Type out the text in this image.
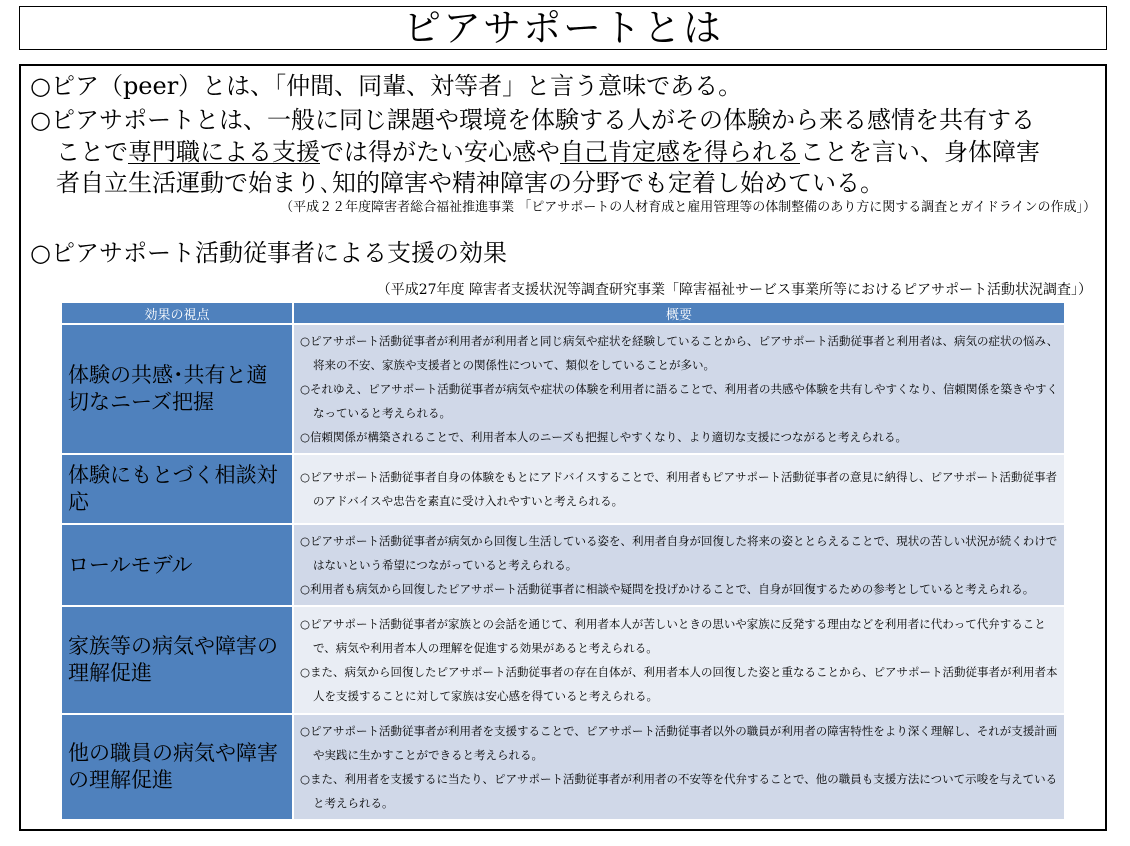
ピアサポートとは
○ピア（peer）とは、「仲間、同輩、対等者」と言う意味である。
○ピアサポートとは、一般に同じ課題や環境を体験する人がその体験から来る感情を共有する
ことで専門職による支援では得がたい安心感や自己肯定感を得られることを言い、身体障害
者自立生活運動で始まり､知的障害や精神障害の分野でも定着し始めている。
（平成２２年度障害者総合福祉推進事業 「ピアサポートの人材育成と雇用管理等の体制整備のあり方に関する調査とガイドラインの作成」）
○ピアサポート活動従事者による支援の効果
（平成27年度 障害者支援状況等調査研究事業「障害福祉サービス事業所等におけるピアサポート活動状況調査」）
効果の視点	概要
体験の共感･共有と適切なニーズ把握	○ ピアサポート活動従事者が利用者が利用者と同じ病気や症状を経験していることから、ピアサポート活動従事者と利用者は、病気の症状の悩み、将来の不安、家族や支援者との関係性について、類似をしていることが多い。
○ それゆえ、ピアサポート活動従事者が病気や症状の体験を利用者に語ることで、利用者の共感や体験を共有しやすくなり、信頼関係を築きやすくなっていると考えられる。
○ 信頼関係が構築されることで、利用者本人のニーズも把握しやすくなり、より適切な支援につながると考えられる。

体験にもとづく相談対応	○ ピアサポート活動従事者自身の体験をもとにアドバイスすることで、利用者もピアサポート活動従事者の意見に納得し、ピアサポート活動従事者のアドバイスや忠告を素直に受け入れやすいと考えられる。

ロールモデル	○ ピアサポート活動従事者が病気から回復し生活している姿を、利用者自身が回復した将来の姿ととらえることで、現状の苦しい状況が続くわけではないという希望につながっていると考えられる。
○ 利用者も病気から回復したピアサポート活動従事者に相談や疑問を投げかけることで、自身が回復するための参考としていると考えられる。

家族等の病気や障害の理解促進	○ ピアサポート活動従事者が家族との会話を通じて、利用者本人が苦しいときの思いや家族に反発する理由などを利用者に代わって代弁することで、病気や利用者本人の理解を促進する効果があると考えられる。
○ また、病気から回復したピアサポート活動従事者の存在自体が、利用者本人の回復した姿と重なることから、ピアサポート活動従事者が利用者本人を支援することに対して家族は安心感を得ていると考えられる。

他の職員の病気や障害の理解促進	○ ピアサポート活動従事者が利用者を支援することで、ピアサポート活動従事者以外の職員が利用者の障害特性をより深く理解し、それが支援計画や実践に生かすことができると考えられる。
○ また、利用者を支援するに当たり、ピアサポート活動従事者が利用者の不安等を代弁することで、他の職員も支援方法について示唆を与えていると考えられる。
